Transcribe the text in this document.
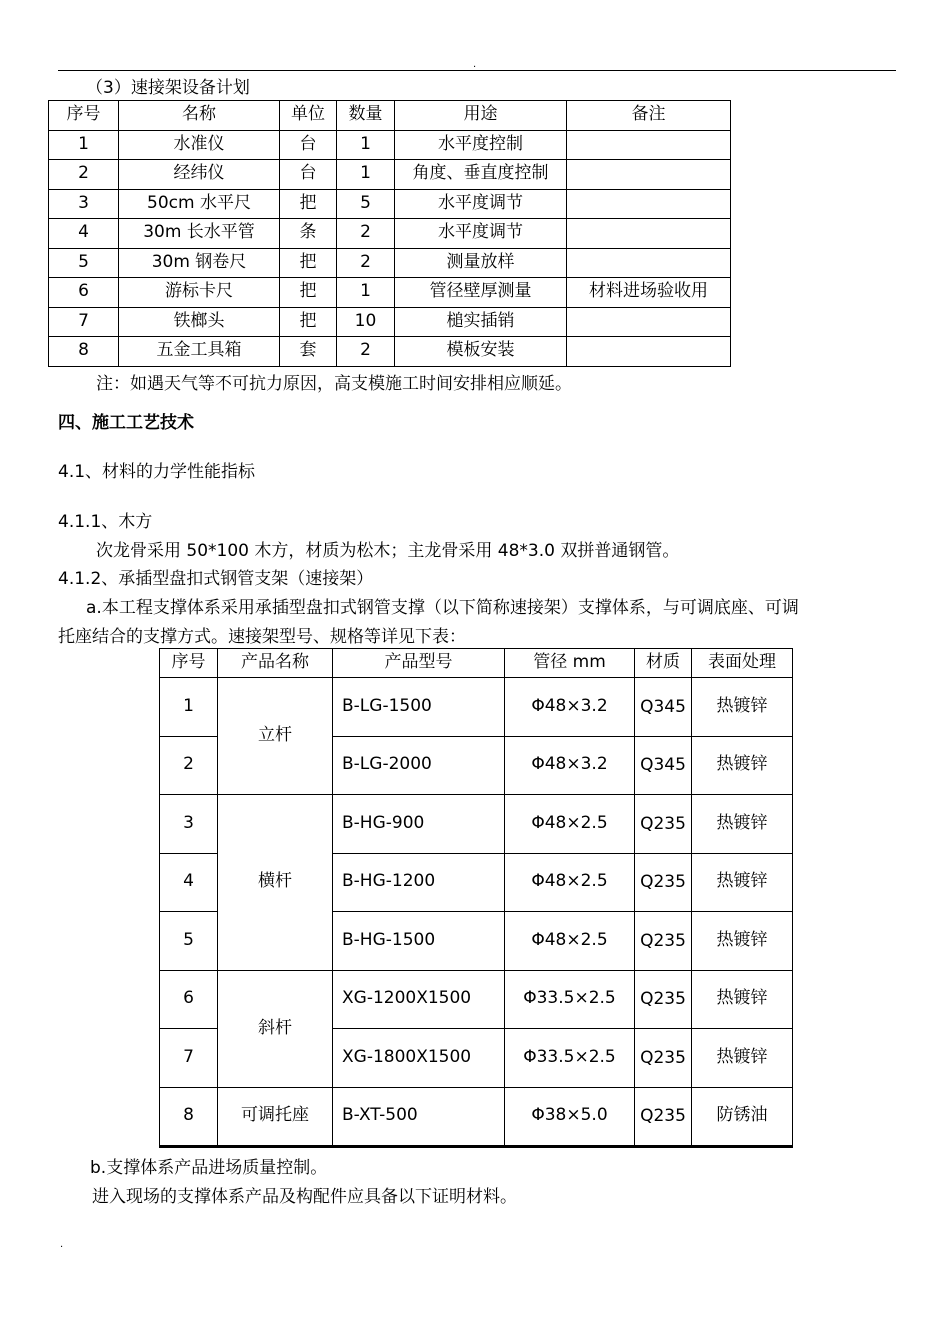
.
（3）速接架设备计划
序号	名称	单位	数量	用途	备注
1	水准仪	台	1	水平度控制	
2	经纬仪	台	1	角度、垂直度控制	
3	50cm 水平尺	把	5	水平度调节	
4	30m 长水平管	条	2	水平度调节	
5	30m 钢卷尺	把	2	测量放样	
6	游标卡尺	把	1	管径壁厚测量	材料进场验收用
7	铁榔头	把	10	槌实插销	
8	五金工具箱	套	2	模板安装	
注：如遇天气等不可抗力原因，高支模施工时间安排相应顺延。
四、施工工艺技术
4.1、材料的力学性能指标
4.1.1、木方
次龙骨采用 50*100 木方，材质为松木；主龙骨采用 48*3.0 双拼普通钢管。
4.1.2、承插型盘扣式钢管支架（速接架）
a.本工程支撑体系采用承插型盘扣式钢管支撑（以下简称速接架）支撑体系，与可调底座、可调
托座结合的支撑方式。速接架型号、规格等详见下表：
序号	产品名称	产品型号	管径 mm	材质	表面处理
1	立杆	B-LG-1500	Φ48×3.2	Q345	热镀锌
2		B-LG-2000	Φ48×3.2	Q345	热镀锌
3	横杆	B-HG-900	Φ48×2.5	Q235	热镀锌
4		B-HG-1200	Φ48×2.5	Q235	热镀锌
5		B-HG-1500	Φ48×2.5	Q235	热镀锌
6	斜杆	XG-1200X1500	Φ33.5×2.5	Q235	热镀锌
7		XG-1800X1500	Φ33.5×2.5	Q235	热镀锌
8	可调托座	B-XT-500	Φ38×5.0	Q235	防锈油
b.支撑体系产品进场质量控制。
进入现场的支撑体系产品及构配件应具备以下证明材料。
.
